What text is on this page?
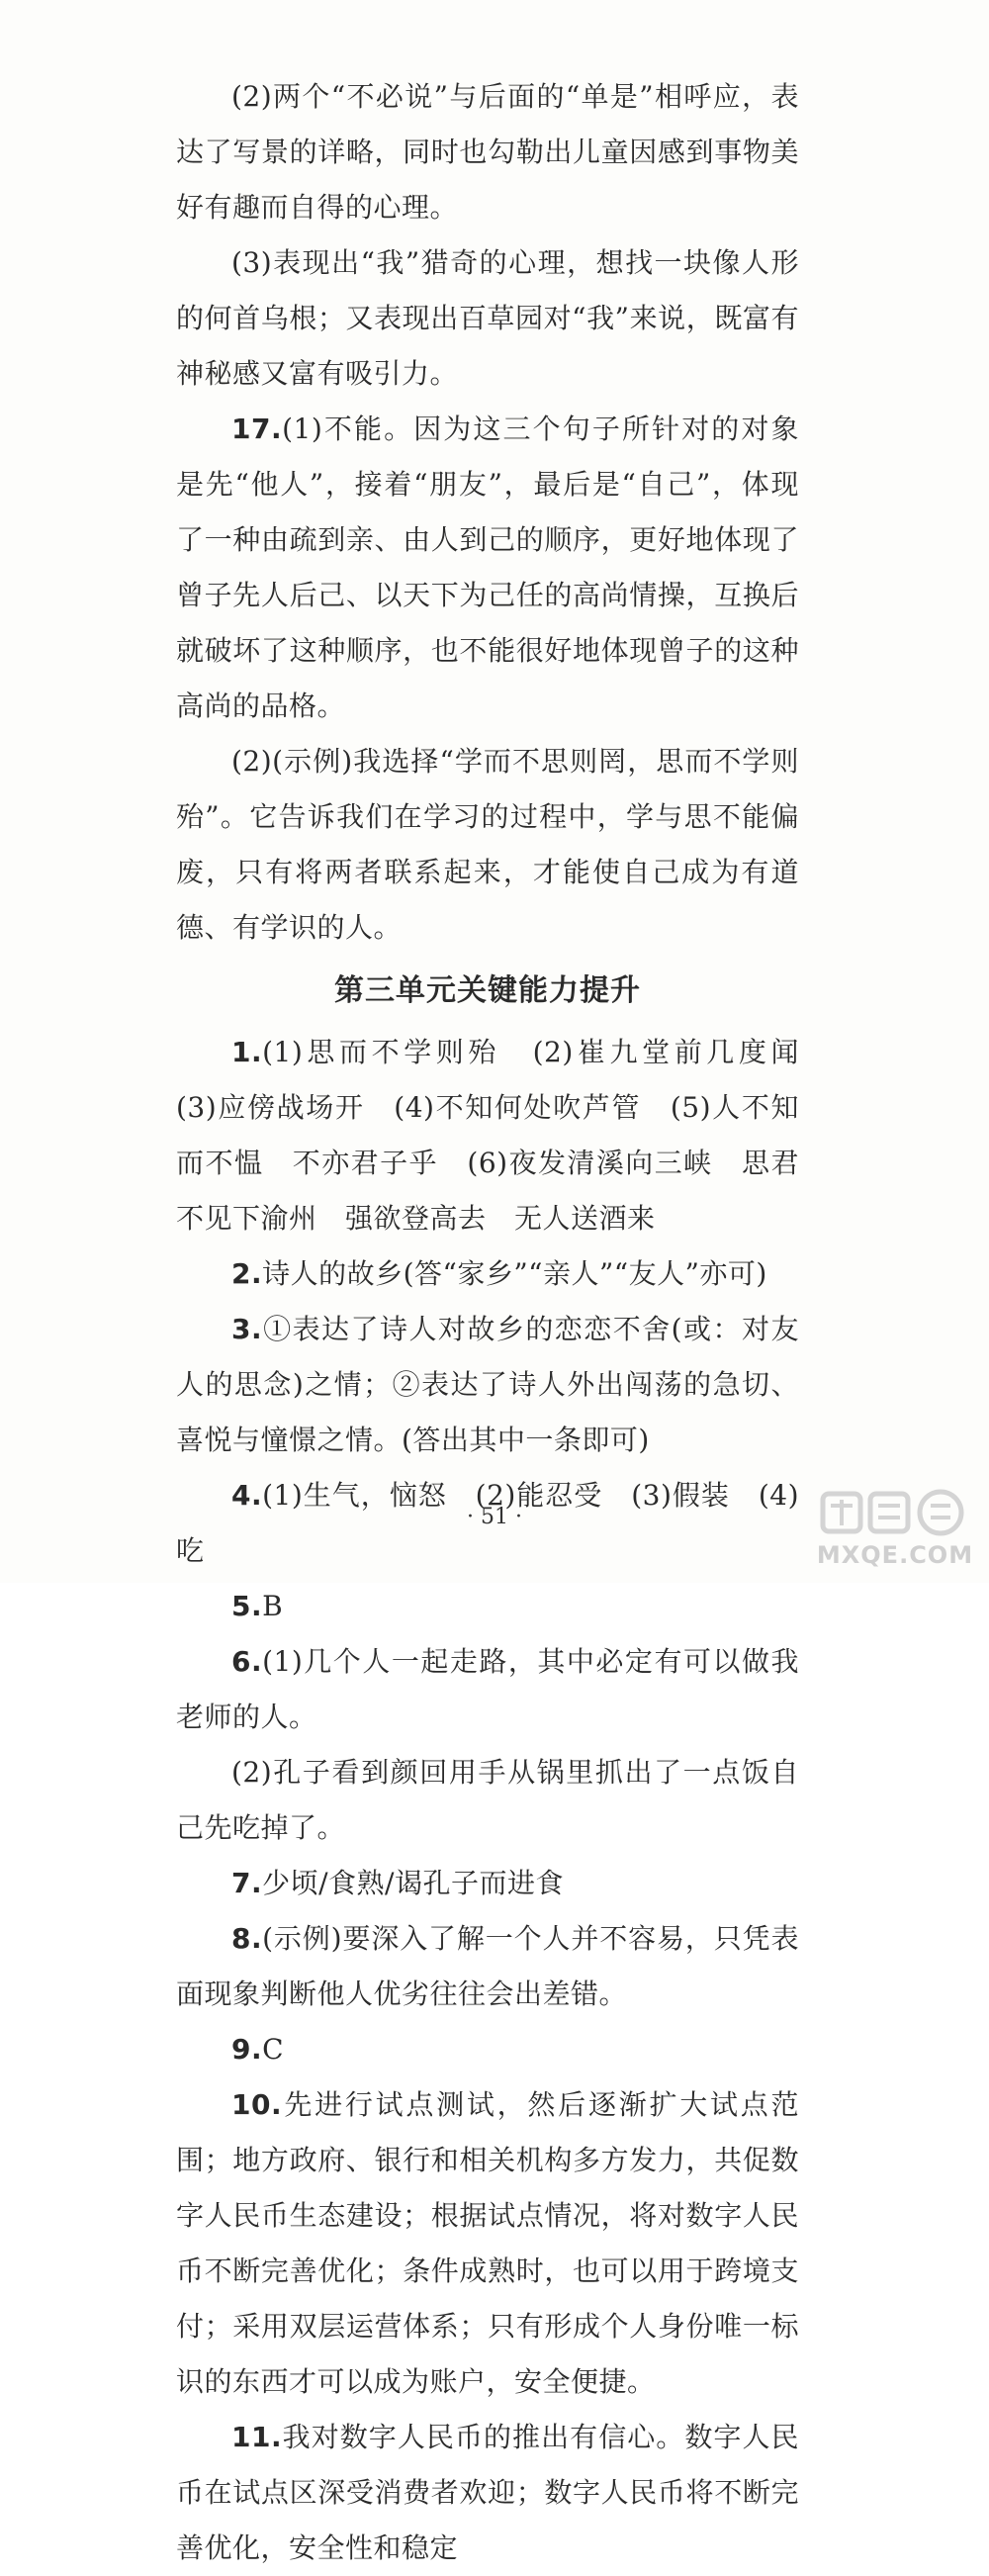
(2)两个“不必说”与后面的“单是”相呼应，表达了写景的详略，同时也勾勒出儿童因感到事物美好有趣而自得的心理。

(3)表现出“我”猎奇的心理，想找一块像人形的何首乌根；又表现出百草园对“我”来说，既富有神秘感又富有吸引力。

17.(1)不能。因为这三个句子所针对的对象是先“他人”，接着“朋友”，最后是“自己”，体现了一种由疏到亲、由人到己的顺序，更好地体现了曾子先人后己、以天下为己任的高尚情操，互换后就破坏了这种顺序，也不能很好地体现曾子的这种高尚的品格。

(2)(示例)我选择“学而不思则罔，思而不学则殆”。它告诉我们在学习的过程中，学与思不能偏废，只有将两者联系起来，才能使自己成为有道德、有学识的人。

第三单元关键能力提升

1.(1)思而不学则殆　(2)崔九堂前几度闻　(3)应傍战场开　(4)不知何处吹芦管　(5)人不知而不愠　不亦君子乎　(6)夜发清溪向三峡　思君不见下渝州　强欲登高去　无人送酒来

2.诗人的故乡(答“家乡”“亲人”“友人”亦可)

3.①表达了诗人对故乡的恋恋不舍(或：对友人的思念)之情；②表达了诗人外出闯荡的急切、喜悦与憧憬之情。(答出其中一条即可)

4.(1)生气，恼怒　(2)能忍受　(3)假装　(4)吃

5.B

6.(1)几个人一起走路，其中必定有可以做我老师的人。

(2)孔子看到颜回用手从锅里抓出了一点饭自己先吃掉了。

7.少顷/食熟/谒孔子而进食

8.(示例)要深入了解一个人并不容易，只凭表面现象判断他人优劣往往会出差错。

9.C

10.先进行试点测试，然后逐渐扩大试点范围；地方政府、银行和相关机构多方发力，共促数字人民币生态建设；根据试点情况，将对数字人民币不断完善优化；条件成熟时，也可以用于跨境支付；采用双层运营体系；只有形成个人身份唯一标识的东西才可以成为账户，安全便捷。

11.我对数字人民币的推出有信心。数字人民币在试点区深受消费者欢迎；数字人民币将不断完善优化，安全性和稳定

· 51 ·
MXQE.COM
